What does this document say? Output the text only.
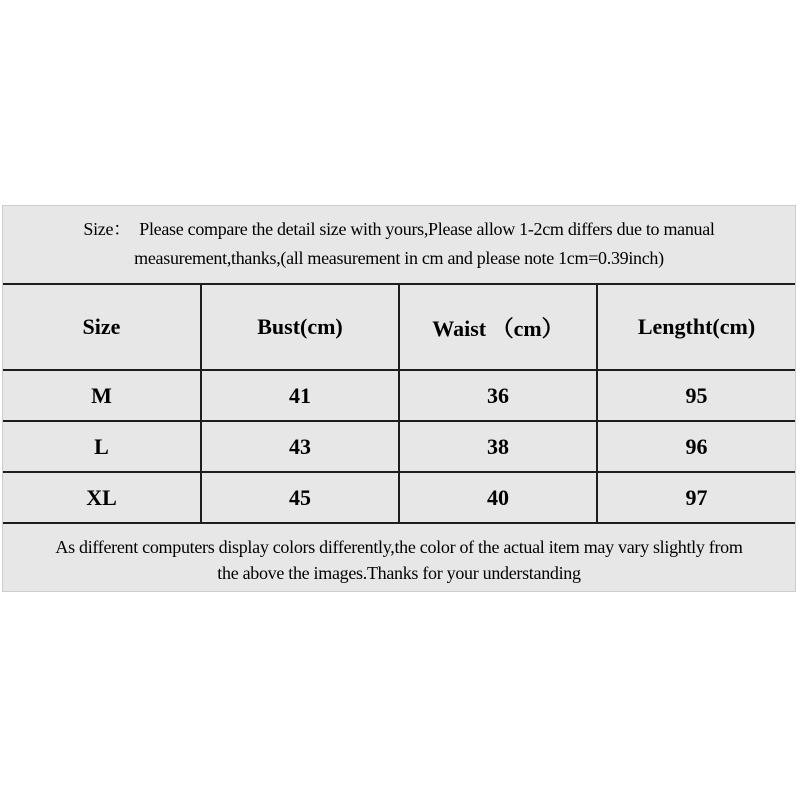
Size：  Please compare the detail size with yours,Please allow 1-2cm differs due to manual
measurement,thanks,(all measurement in cm and please note 1cm=0.39inch)
Size	Bust(cm)	Waist （cm）	Lengtht(cm)
M	41	36	95
L	43	38	96
XL	45	40	97
As different computers display colors differently,the color of the actual item may vary slightly from
the above the images.Thanks for your understanding
